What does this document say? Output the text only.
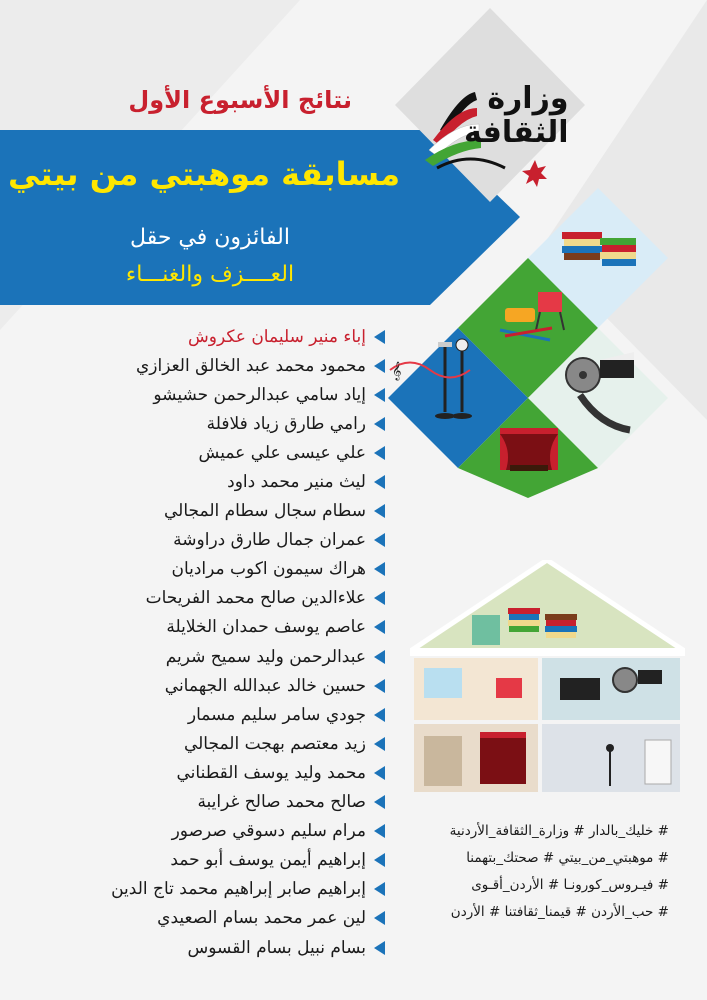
نتائج الأسبوع الأول
مسابقة موهبتي من بيتي
الفائزون في حقل
العــــزف والغنـــاء
وزارة
الثقافة
𝄞
إباء منير سليمان عكروش
محمود محمد عبد الخالق العزازي
إياد سامي عبدالرحمن حشيشو
رامي طارق زياد فلافلة
علي عيسى علي عميش
ليث منير محمد داود
سطام سجال سطام المجالي
عمران جمال طارق دراوشة
هراك سيمون اكوب مراديان
علاءالدين صالح محمد الفريحات
عاصم يوسف حمدان الخلايلة
عبدالرحمن وليد سميح شريم
حسين خالد عبدالله الجهماني
جودي سامر سليم مسمار
زيد معتصم بهجت المجالي
محمد وليد يوسف القطناني
صالح محمد صالح غرايبة
مرام سليم دسوقي صرصور
إبراهيم أيمن يوسف أبو حمد
إبراهيم صابر إبراهيم محمد تاج الدين
لين عمر محمد بسام الصعيدي
بسام نبيل بسام القسوس
# خليك_بالدار # وزارة_الثقافة_الأردنية
# موهبتي_من_بيتي # صحتك_بتهمنا
# فيـروس_كورونـا # الأردن_أقـوى
# حب_الأردن # قيمنا_ثقافتنا # الأردن
